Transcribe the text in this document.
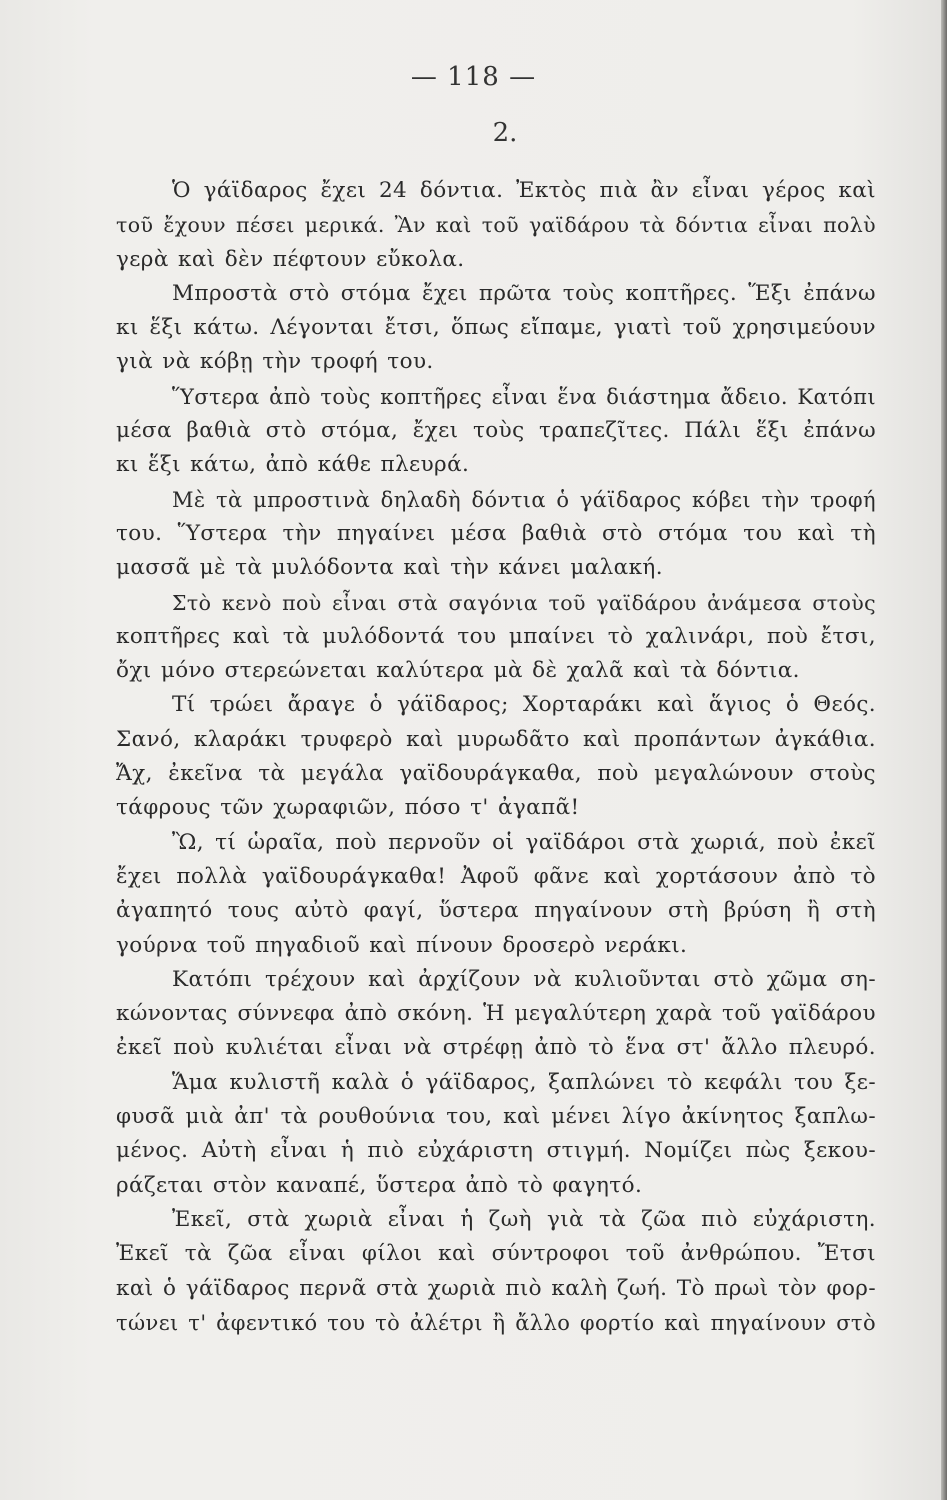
— 118 —
2.
Ὁ γάϊδαρος ἔχει 24 δόντια. Ἐκτὸς πιὰ ἂν εἶναι γέρος καὶ
τοῦ ἔχουν πέσει μερικά. Ἂν καὶ τοῦ γαϊδάρου τὰ δόντια εἶναι πολὺ
γερὰ καὶ δὲν πέφτουν εὔκολα.
Μπροστὰ στὸ στόμα ἔχει πρῶτα τοὺς κοπτῆρες. Ἕξι ἐπάνω
κι ἕξι κάτω. Λέγονται ἔτσι, ὅπως εἴπαμε, γιατὶ τοῦ χρησιμεύουν
γιὰ νὰ κόβῃ τὴν τροφή του.
Ὕστερα ἀπὸ τοὺς κοπτῆρες εἶναι ἕνα διάστημα ἄδειο. Κατόπι
μέσα βαθιὰ στὸ στόμα, ἔχει τοὺς τραπεζῖτες. Πάλι ἕξι ἐπάνω
κι ἕξι κάτω, ἀπὸ κάθε πλευρά.
Μὲ τὰ μπροστινὰ δηλαδὴ δόντια ὁ γάϊδαρος κόβει τὴν τροφή
του. Ὕστερα τὴν πηγαίνει μέσα βαθιὰ στὸ στόμα του καὶ τὴ
μασσᾶ μὲ τὰ μυλόδοντα καὶ τὴν κάνει μαλακή.
Στὸ κενὸ ποὺ εἶναι στὰ σαγόνια τοῦ γαϊδάρου ἀνάμεσα στοὺς
κοπτῆρες καὶ τὰ μυλόδοντά του μπαίνει τὸ χαλινάρι, ποὺ ἔτσι,
ὄχι μόνο στερεώνεται καλύτερα μὰ δὲ χαλᾶ καὶ τὰ δόντια.
Τί τρώει ἄραγε ὁ γάϊδαρος; Χορταράκι καὶ ἅγιος ὁ Θεός.
Σανό, κλαράκι τρυφερὸ καὶ μυρωδᾶτο καὶ προπάντων ἀγκάθια.
Ἄχ, ἐκεῖνα τὰ μεγάλα γαϊδουράγκαθα, ποὺ μεγαλώνουν στοὺς
τάφρους τῶν χωραφιῶν, πόσο τ' ἀγαπᾶ!
Ὢ, τί ὡραῖα, ποὺ περνοῦν οἱ γαϊδάροι στὰ χωριά, ποὺ ἐκεῖ
ἔχει πολλὰ γαϊδουράγκαθα! Ἀφοῦ φᾶνε καὶ χορτάσουν ἀπὸ τὸ
ἀγαπητό τους αὐτὸ φαγί, ὕστερα πηγαίνουν στὴ βρύση ἢ στὴ
γούρνα τοῦ πηγαδιοῦ καὶ πίνουν δροσερὸ νεράκι.
Κατόπι τρέχουν καὶ ἀρχίζουν νὰ κυλιοῦνται στὸ χῶμα ση-
κώνοντας σύννεφα ἀπὸ σκόνη. Ἡ μεγαλύτερη χαρὰ τοῦ γαϊδάρου
ἐκεῖ ποὺ κυλιέται εἶναι νὰ στρέφῃ ἀπὸ τὸ ἕνα στ' ἄλλο πλευρό.
Ἅμα κυλιστῆ καλὰ ὁ γάϊδαρος, ξαπλώνει τὸ κεφάλι του ξε-
φυσᾶ μιὰ ἀπ' τὰ ρουθούνια του, καὶ μένει λίγο ἀκίνητος ξαπλω-
μένος. Αὐτὴ εἶναι ἡ πιὸ εὐχάριστη στιγμή. Νομίζει πὼς ξεκου-
ράζεται στὸν καναπέ, ὕστερα ἀπὸ τὸ φαγητό.
Ἐκεῖ, στὰ χωριὰ εἶναι ἡ ζωὴ γιὰ τὰ ζῶα πιὸ εὐχάριστη.
Ἐκεῖ τὰ ζῶα εἶναι φίλοι καὶ σύντροφοι τοῦ ἀνθρώπου. Ἔτσι
καὶ ὁ γάϊδαρος περνᾶ στὰ χωριὰ πιὸ καλὴ ζωή. Τὸ πρωὶ τὸν φορ-
τώνει τ' ἀφεντικό του τὸ ἀλέτρι ἢ ἄλλο φορτίο καὶ πηγαίνουν στὸ
